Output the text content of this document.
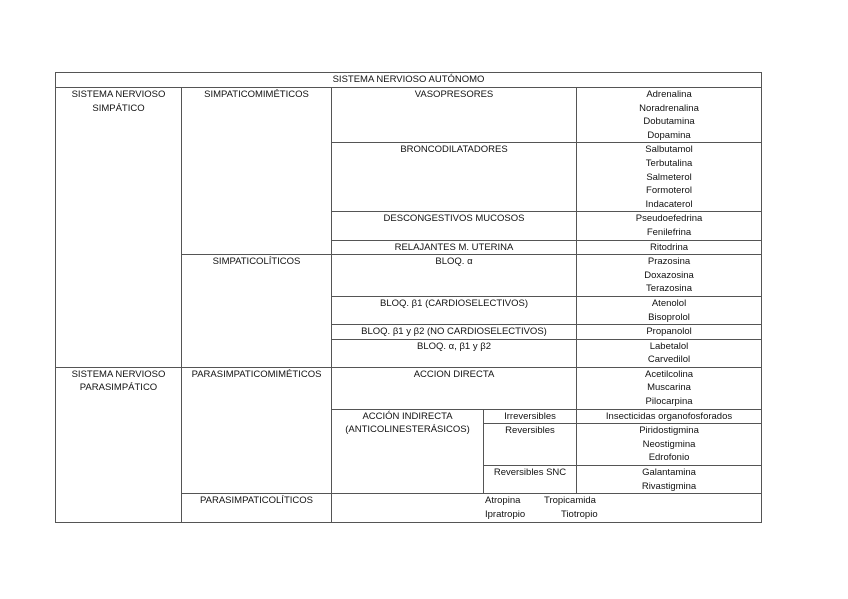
SISTEMA NERVIOSO AUTÓNOMO				

SISTEMA NERVIOSO
SIMPÁTICO	SIMPATICOMIMÉTICOS	VASOPRESORES		Adrenalina
Noradrenalina
Dobutamina
Dopamina

		BRONCODILATADORES		Salbutamol
Terbutalina
Salmeterol
Formoterol
Indacaterol

		DESCONGESTIVOS MUCOSOS		Pseudoefedrina
Fenilefrina

		RELAJANTES M. UTERINA		Ritodrina

	SIMPATICOLÍTICOS	BLOQ. α		Prazosina
Doxazosina
Terazosina

		BLOQ. β1 (CARDIOSELECTIVOS)		Atenolol
Bisoprolol

		BLOQ. β1 y β2 (NO CARDIOSELECTIVOS)		Propanolol

		BLOQ. α, β1 y β2		Labetalol
Carvedilol

SISTEMA NERVIOSO
PARASIMPÁTICO	PARASIMPATICOMIMÉTICOS	ACCION DIRECTA		Acetilcolina
Muscarina
Pilocarpina

		ACCIÓN INDIRECTA
(ANTICOLINESTERÁSICOS)	Irreversibles	Insecticidas organofosforados

			Reversibles	Piridostigmina
Neostigmina
Edrofonio

			Reversibles SNC	Galantamina
Rivastigmina

	PARASIMPATICOLÍTICOS	Atropina Tropicamida
Ipratropio Tiotropio		
